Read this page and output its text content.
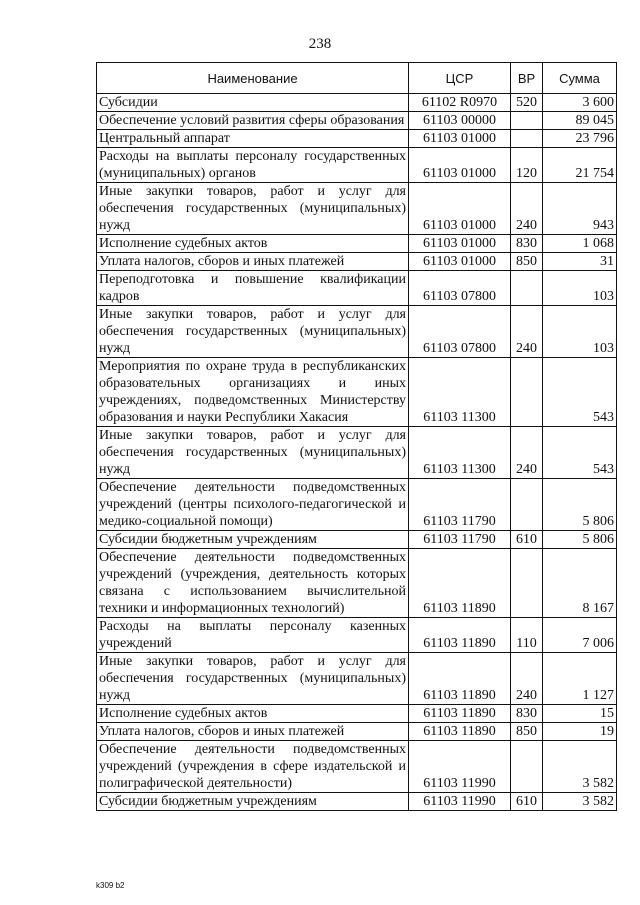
238
Наименование	ЦСР	ВР	Сумма
Субсидии	61102 R0970	520	3 600
Обеспечение условий развития сферы образования	61103 00000		89 045
Центральный аппарат	61103 01000		23 796
Расходы на выплаты персоналу государственных (муниципальных) органов	61103 01000	120	21 754
Иные закупки товаров, работ и услуг для обеспечения государственных (муниципальных) нужд	61103 01000	240	943
Исполнение судебных актов	61103 01000	830	1 068
Уплата налогов, сборов и иных платежей	61103 01000	850	31
Переподготовка и повышение квалификации кадров	61103 07800		103
Иные закупки товаров, работ и услуг для обеспечения государственных (муниципальных) нужд	61103 07800	240	103
Мероприятия по охране труда в республиканских образовательных организациях и иных учреждениях, подведомственных Министерству образования и науки Республики Хакасия	61103 11300		543
Иные закупки товаров, работ и услуг для обеспечения государственных (муниципальных) нужд	61103 11300	240	543
Обеспечение деятельности подведомственных учреждений (центры психолого-педагогической и медико-социальной помощи)	61103 11790		5 806
Субсидии бюджетным учреждениям	61103 11790	610	5 806
Обеспечение деятельности подведомственных учреждений (учреждения, деятельность которых связана с использованием вычислительной техники и информационных технологий)	61103 11890		8 167
Расходы на выплаты персоналу казенных учреждений	61103 11890	110	7 006
Иные закупки товаров, работ и услуг для обеспечения государственных (муниципальных) нужд	61103 11890	240	1 127
Исполнение судебных актов	61103 11890	830	15
Уплата налогов, сборов и иных платежей	61103 11890	850	19
Обеспечение деятельности подведомственных учреждений (учреждения в сфере издательской и полиграфической деятельности)	61103 11990		3 582
Субсидии бюджетным учреждениям	61103 11990	610	3 582
k309 b2
